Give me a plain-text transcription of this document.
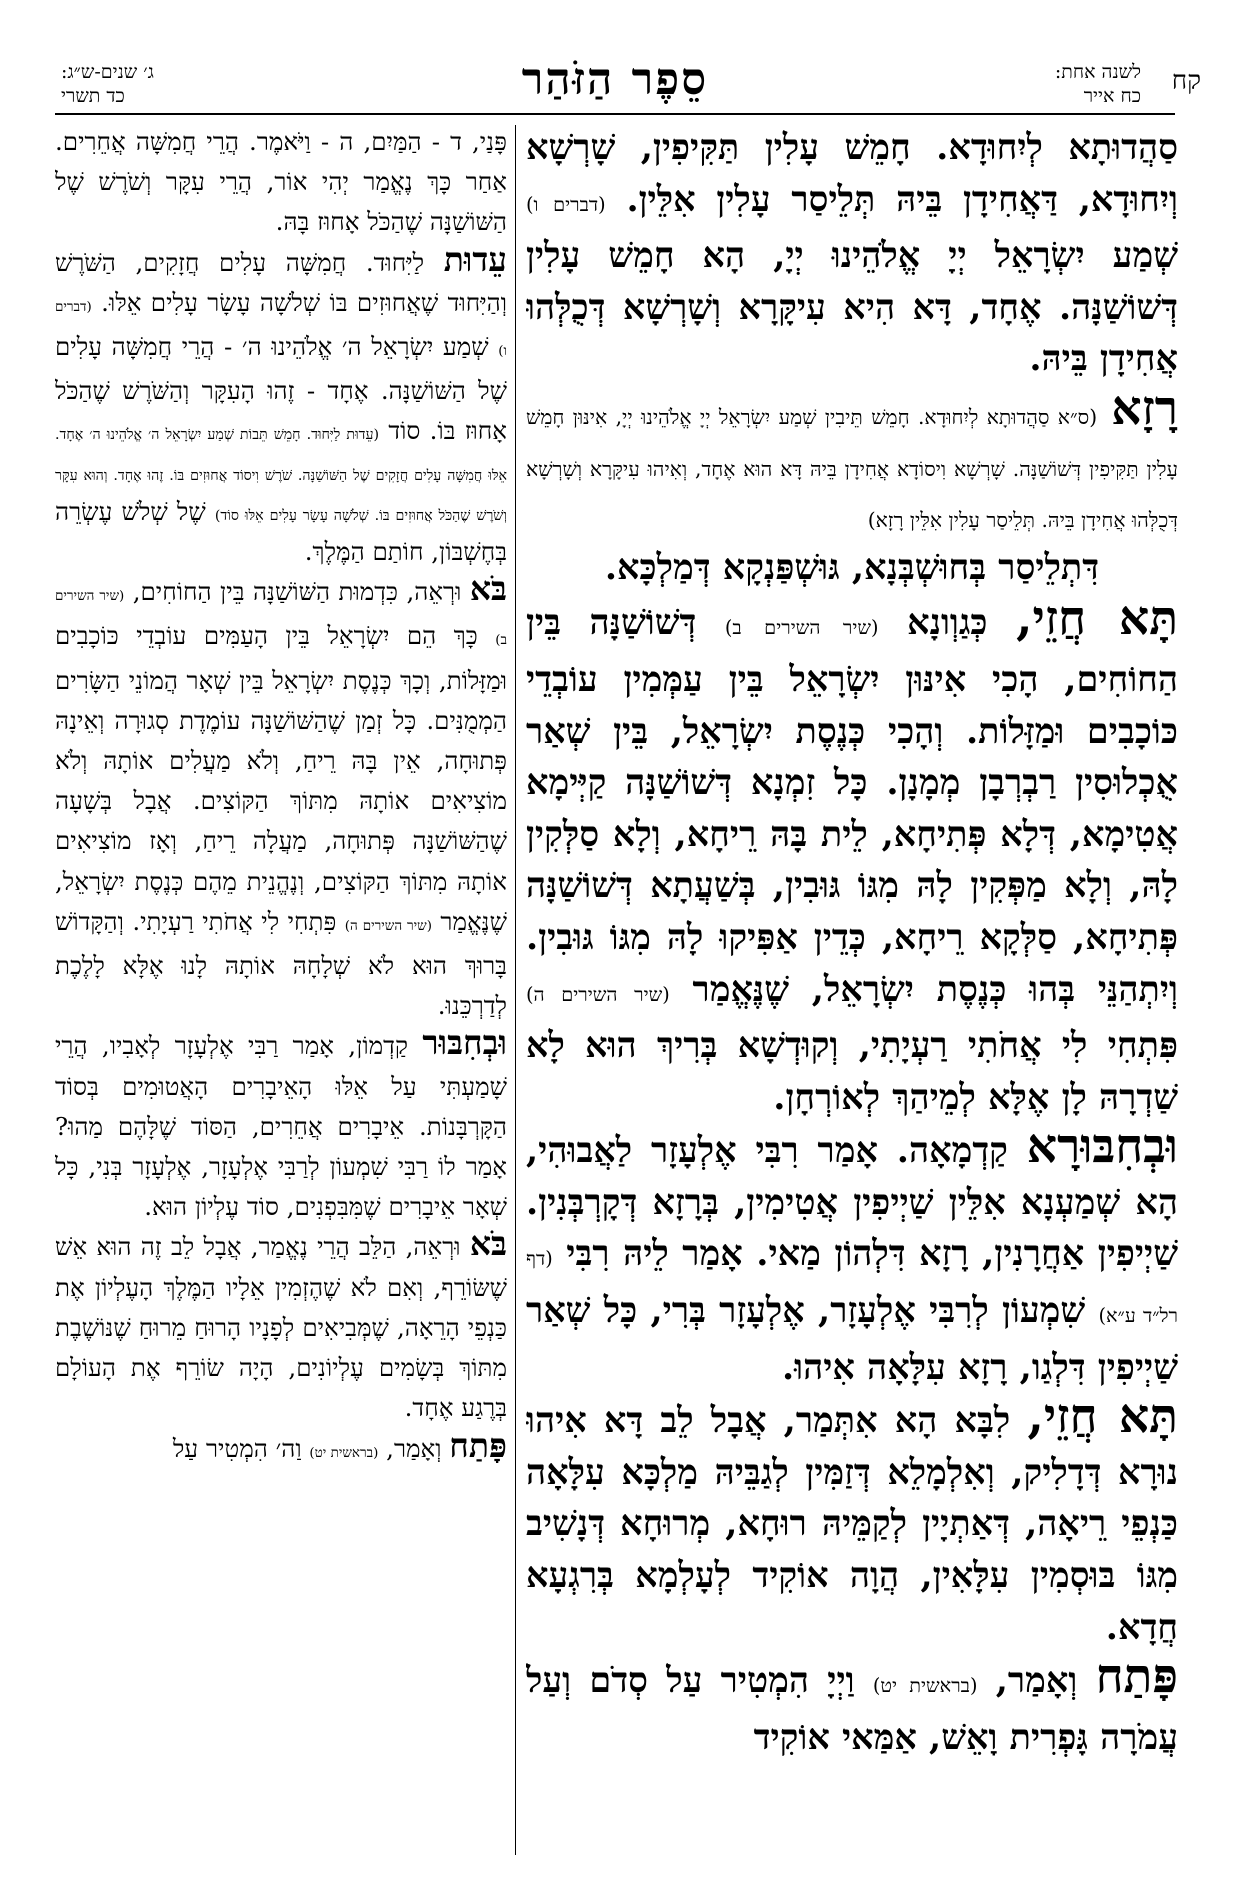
קח
לשנה אחת:
כח אייר
סֵפֶר הַזֹּהַר
ג׳ שנים-ש״ג:
כד תשרי

סַהֲדוּתָא לְיִחוּדָא. חָמֵשׁ עָלִין תַּקִּיפִין, שָׁרְשָׁא וְיִחוּדָא, דַּאֲחִידָן בֵּיהּ תְּלֵיסַר עָלִין אִלֵּין. (דברים ו) שְׁמַע יִשְׂרָאֵל יְיָ אֱלֹהֵינוּ יְיָ, הָא חָמֵשׁ עָלִין דְּשׁוֹשַׁנָּה. אֶחָד, דָּא הִיא עִיקָּרָא וְשָׁרְשָׁא דְּכֻלְּהוּ אֲחִידָן בֵּיהּ.

רָזָא (ס״א סַהֲדוּתָא לְיִחוּדָא. חָמֵשׁ תֵּיבִין שְׁמַע יִשְׂרָאֵל יְיָ אֱלֹהֵינוּ יְיָ, אִינּוּן חָמֵשׁ עָלִין תַּקִּיפִין דְּשׁוֹשַׁנָּה. שָׁרְשָׁא וִיסוֹדָא אֲחִידָן בֵּיהּ דָּא הוּא אֶחָד, וְאִיהוּ עִיקָּרָא וְשָׁרְשָׁא דְּכֻלְּהוּ אֲחִידָן בֵּיהּ. תְּלֵיסַר עָלִין אִלֵּין רָזָא)

דִּתְלֵיסַר בְּחוּשְׁבְּנָא, גּוּשְׁפַּנְקָא דְּמַלְכָּא.

תָּא חֲזֵי, כְּגַוְונָא (שיר השירים ב) דְּשׁוֹשַׁנָּה בֵּין הַחוֹחִים, הָכִי אִינּוּן יִשְׂרָאֵל בֵּין עַמְּמִין עוֹבְדֵי כּוֹכָבִים וּמַזָּלוֹת. וְהָכִי כְּנֶסֶת יִשְׂרָאֵל, בֵּין שְׁאַר אֻכְלוּסִין רַבְרְבָן מְמָנָן. כָּל זִמְנָא דְּשׁוֹשַׁנָּה קַיְּימָא אֲטִימָא, דְּלָא פְּתִיחָא, לֵית בָּהּ רֵיחָא, וְלָא סַלְּקִין לָהּ, וְלָא מַפְּקִין לָהּ מִגּוֹ גּוּבִין, בְּשַׁעֲתָא דְּשׁוֹשַׁנָּה פְּתִיחָא, סַלְּקָא רֵיחָא, כְּדֵין אַפִּיקוּ לָהּ מִגּוֹ גּוּבִין. וְיִתְהַנֵּי בְּהוּ כְּנֶסֶת יִשְׂרָאֵל, שֶׁנֶּאֱמַר (שיר השירים ה) פִּתְחִי לִי אֲחֹתִי רַעְיָתִי, וְקוּדְשָׁא בְּרִיךְ הוּא לָא שַׁדְרָהּ לָן אֶלָּא לְמֵיהַךְ לְאוֹרְחָן.

וּבְחִבּוּרָא קַדְמָאָה. אָמַר רִבִּי אֶלְעָזָר לַאֲבוּהִי, הָא שְׁמַעְנָא אִלֵּין שַׁיְיפִין אֲטִימִין, בְּרָזָא דְּקָרְבְּנִין. שַׁיְיפִין אַחֲרָנִין, רָזָא דִּלְהוֹן מַאי. אָמַר לֵיהּ רִבִּי (דף רל״ד ע״א) שִׁמְעוֹן לְרִבִּי אֶלְעָזָר, אֶלְעָזָר בְּרִי, כָּל שְׁאַר שַׁיְיפִין דִּלְגַו, רָזָא עִלָּאָה אִיהוּ.

תָּא חֲזֵי, לִבָּא הָא אִתְּמַר, אֲבָל לֵב דָּא אִיהוּ נוּרָא דְּדָלִיק, וְאִלְמָלֵא דְּזַמִּין לְגַבֵּיהּ מַלְכָּא עִלָּאָה כַּנְפֵי רֵיאָה, דְּאַתְיָין לְקַמֵּיהּ רוּחָא, מְרוּחָא דְּנָשִׁיב מִגּוֹ בּוּסְמִין עִלָּאִין, הֲוָה אוֹקִיד לְעָלְמָא בְּרִגְעָא חֲדָא.

פָּתַח וְאָמַר, (בראשית יט) וַיְיָ הִמְטִיר עַל סְדֹם וְעַל עֲמֹרָה גָּפְרִית וָאֵשׁ, אַמַּאי אוֹקִיד

פָּנַי, ד - הַמַּיִם, ה - וַיֹּאמֶר. הֲרֵי חֲמִשָּׁה אֲחֵרִים. אַחַר כָּךְ נֶאֱמַר יְהִי אוֹר, הֲרֵי עִקָּר וְשֹׁרֶשׁ שֶׁל הַשּׁוֹשַׁנָּה שֶׁהַכֹּל אָחוּז בָּהּ.

עֵדוּת לַיִּחוּד. חֲמִשָּׁה עָלִים חֲזָקִים, הַשֹּׁרֶשׁ וְהַיִּחוּד שֶׁאֲחוּזִים בּוֹ שְׁלֹשָׁה עָשָׂר עָלִים אֵלּוּ. (דברים ו) שְׁמַע יִשְׂרָאֵל ה׳ אֱלֹהֵינוּ ה׳ - הֲרֵי חֲמִשָּׁה עָלִים שֶׁל הַשּׁוֹשַׁנָּה. אֶחָד - זֶהוּ הָעִקָּר וְהַשֹּׁרֶשׁ שֶׁהַכֹּל אָחוּז בּוֹ. סוֹד (עֵדוּת לַיִּחוּד. חָמֵשׁ תֵּבוֹת שְׁמַע יִשְׂרָאֵל ה׳ אֱלֹהֵינוּ ה׳ אֶחָד. אֵלּוּ חֲמִשָּׁה עָלִים חֲזָקִים שֶׁל הַשּׁוֹשַׁנָּה. שֹׁרֶשׁ וִיסוֹד אֲחוּזִים בּוֹ. זֶהוּ אֶחָד. וְהוּא עִקָּר וְשֹׁרֶשׁ שֶׁהַכֹּל אֲחוּזִים בּוֹ. שְׁלֹשָׁה עָשָׂר עָלִים אֵלּוּ סוֹד) שֶׁל שְׁלֹשׁ עֶשְׂרֵה בְּחֶשְׁבּוֹן, חוֹתַם הַמֶּלֶךְ.

בֹּא וּרְאֵה, כִּדְמוּת הַשּׁוֹשַׁנָּה בֵּין הַחוֹחִים, (שיר השירים ב) כָּךְ הֵם יִשְׂרָאֵל בֵּין הָעַמִּים עוֹבְדֵי כּוֹכָבִים וּמַזָּלוֹת, וְכָךְ כְּנֶסֶת יִשְׂרָאֵל בֵּין שְׁאָר הֲמוֹנֵי הַשָּׂרִים הַמְמֻנִּים. כָּל זְמַן שֶׁהַשּׁוֹשַׁנָּה עוֹמֶדֶת סְגוּרָה וְאֵינָהּ פְּתוּחָה, אֵין בָּהּ רֵיחַ, וְלֹא מַעֲלִים אוֹתָהּ וְלֹא מוֹצִיאִים אוֹתָהּ מִתּוֹךְ הַקּוֹצִים. אֲבָל בְּשָׁעָה שֶׁהַשּׁוֹשַׁנָּה פְּתוּחָה, מַעֲלָה רֵיחַ, וְאָז מוֹצִיאִים אוֹתָהּ מִתּוֹךְ הַקּוֹצִים, וְנֶהֱנֵית מֵהֶם כְּנֶסֶת יִשְׂרָאֵל, שֶׁנֶּאֱמַר (שיר השירים ה) פִּתְחִי לִי אֲחֹתִי רַעְיָתִי. וְהַקָּדוֹשׁ בָּרוּךְ הוּא לֹא שְׁלָחָהּ אוֹתָהּ לָנוּ אֶלָּא לָלֶכֶת לְדַרְכֵּנוּ.

וּבְחִבּוּר קַדְמוֹן, אָמַר רַבִּי אֶלְעָזָר לְאָבִיו, הֲרֵי שָׁמַעְתִּי עַל אֵלּוּ הָאֵיבָרִים הָאֲטוּמִים בְּסוֹד הַקָּרְבָּנוֹת. אֵיבָרִים אֲחֵרִים, הַסּוֹד שֶׁלָּהֶם מַהוּ? אָמַר לוֹ רַבִּי שִׁמְעוֹן לְרַבִּי אֶלְעָזָר, אֶלְעָזָר בְּנִי, כָּל שְׁאָר אֵיבָרִים שֶׁמִּבִּפְנִים, סוֹד עֶלְיוֹן הוּא.

בֹּא וּרְאֵה, הַלֵּב הֲרֵי נֶאֱמַר, אֲבָל לֵב זֶה הוּא אֵשׁ שֶׁשּׂוֹרֵף, וְאִם לֹא שֶׁהֶזְמִין אֵלָיו הַמֶּלֶךְ הָעֶלְיוֹן אֶת כַּנְפֵי הָרֵאָה, שֶׁמְּבִיאִים לְפָנָיו הָרוּחַ מֵרוּחַ שֶׁנּוֹשֶׁבֶת מִתּוֹךְ בְּשָׂמִים עֶלְיוֹנִים, הָיָה שׂוֹרֵף אֶת הָעוֹלָם בְּרֶגַע אֶחָד.

פָּתַח וְאָמַר, (בראשית יט) וַה׳ הִמְטִיר עַל
